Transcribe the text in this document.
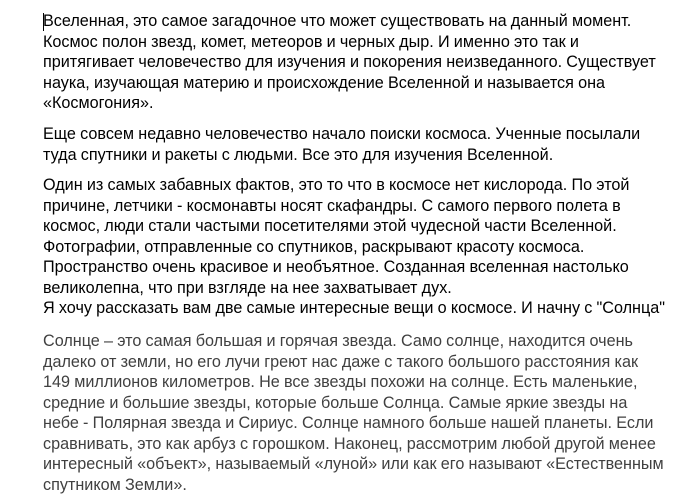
Вселенная, это самое загадочное что может существовать на данный момент.
Космос полон звезд, комет, метеоров и черных дыр. И именно это так и
притягивает человечество для изучения и покорения неизведанного. Существует
наука, изучающая материю и происхождение Вселенной и называется она
«Космогония».

Еще совсем недавно человечество начало поиски космоса. Ученные посылали
туда спутники и ракеты с людьми. Все это для изучения Вселенной.

Один из самых забавных фактов, это то что в космосе нет кислорода. По этой
причине, летчики - космонавты носят скафандры. С самого первого полета в
космос, люди стали частыми посетителями этой чудесной части Вселенной.
Фотографии, отправленные со спутников, раскрывают красоту космоса.
Пространство очень красивое и необъятное. Созданная вселенная настолько
великолепна, что при взгляде на нее захватывает дух.

Я хочу рассказать вам две самые интересные вещи о космосе. И начну с "Солнца"

Солнце – это самая большая и горячая звезда. Само солнце, находится очень
далеко от земли, но его лучи греют нас даже с такого большого расстояния как
149 миллионов километров. Не все звезды похожи на солнце. Есть маленькие,
средние и большие звезды, которые больше Солнца. Самые яркие звезды на
небе - Полярная звезда и Сириус. Солнце намного больше нашей планеты. Если
сравнивать, это как арбуз с горошком. Наконец, рассмотрим любой другой менее
интересный «объект», называемый «луной» или как его называют «Естественным
спутником Земли».
